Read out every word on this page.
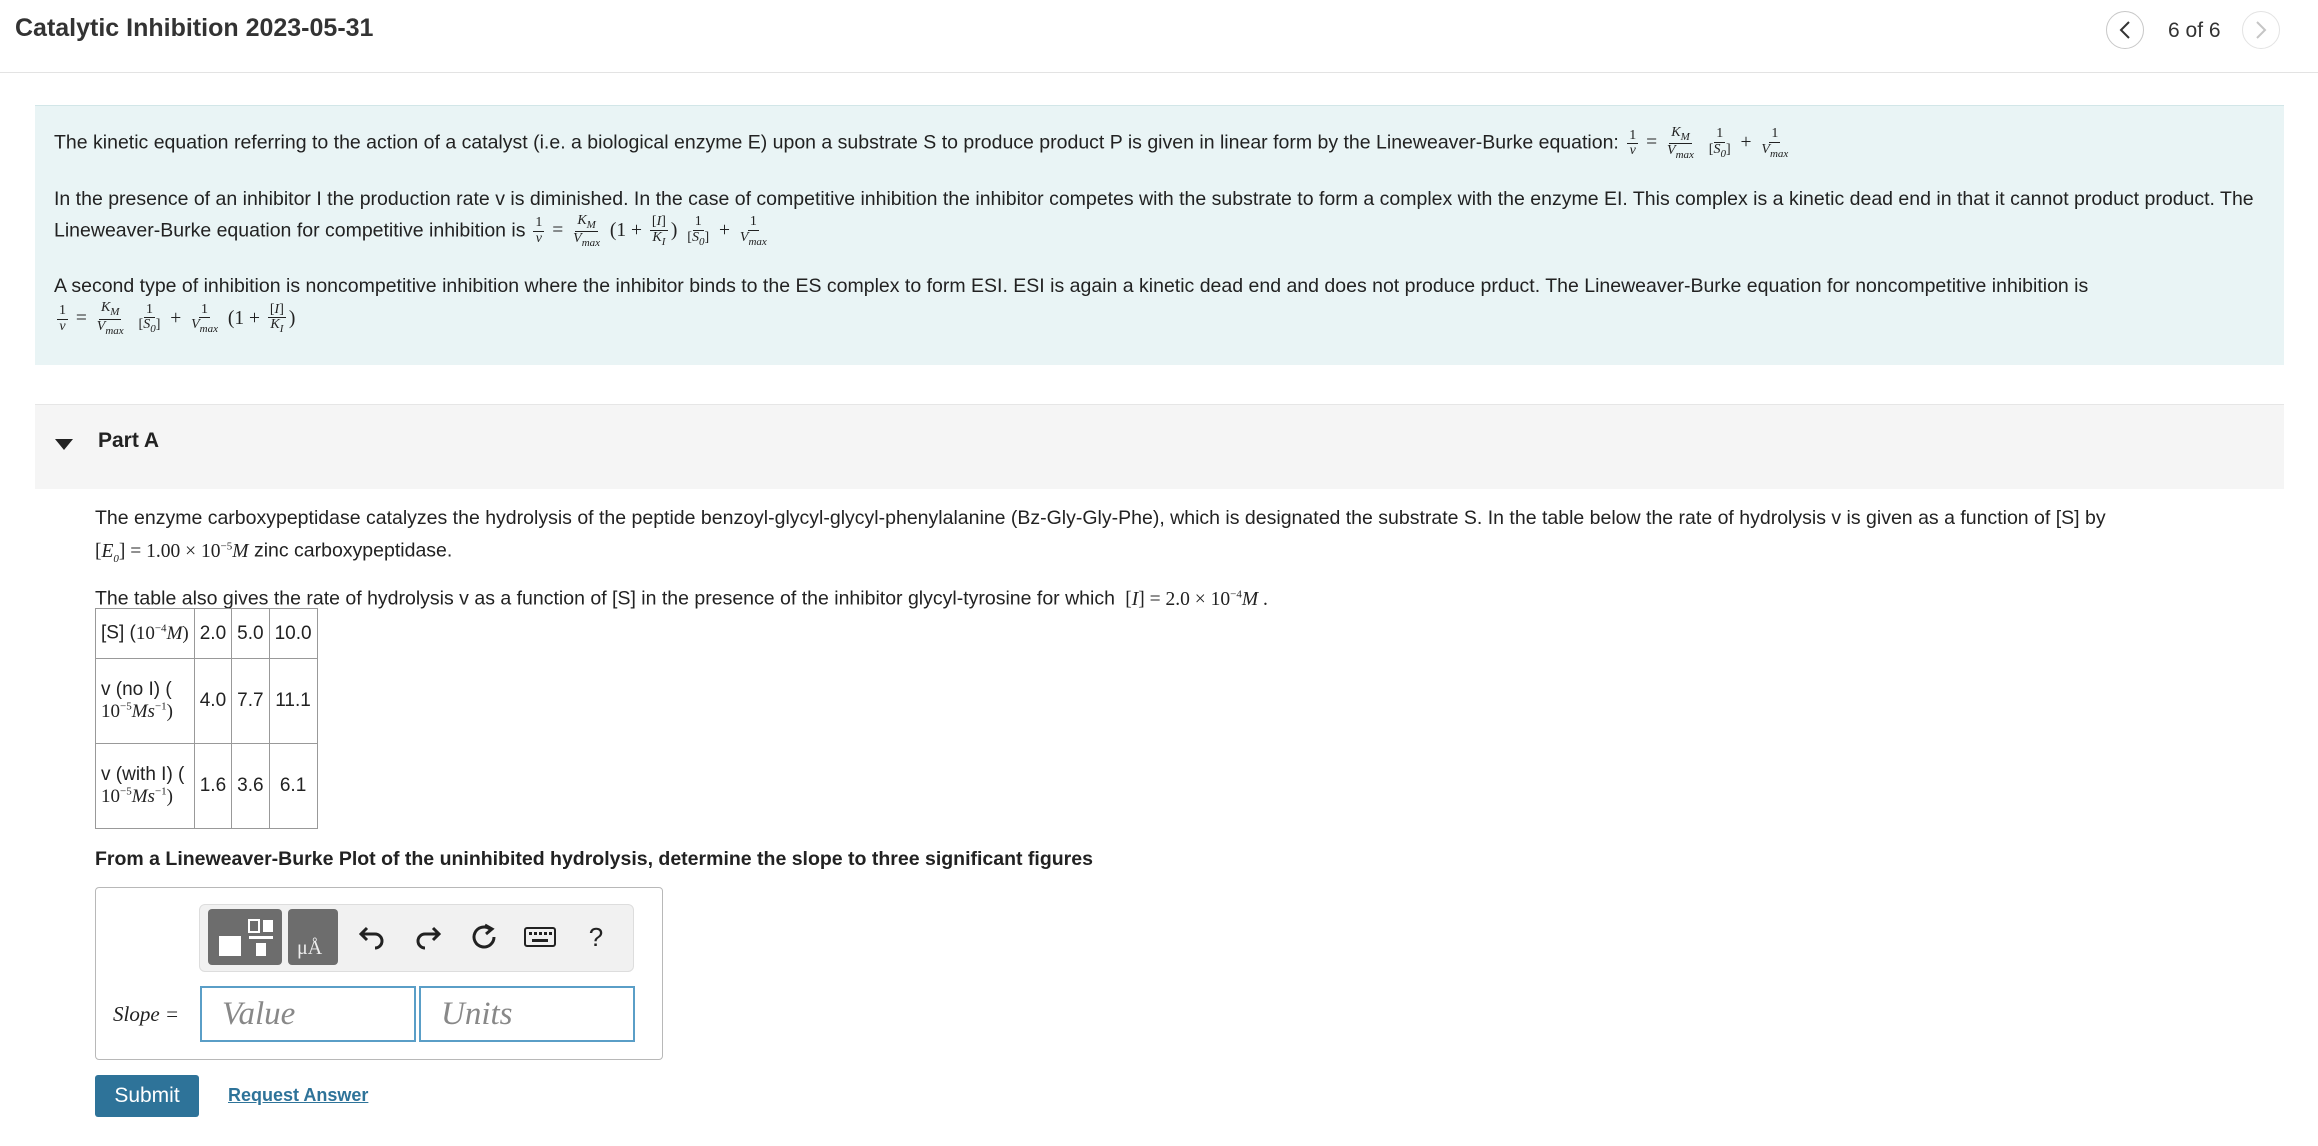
Catalytic Inhibition 2023-05-31	6 of 6

The kinetic equation referring to the action of a catalyst (i.e. a biological enzyme E) upon a substrate S to produce product P is given in linear form by the Lineweaver-Burke equation: $\frac{1}{v} = \frac{K_M}{V_{max}}$
$\frac{1}{[S_0]} + \frac{1}{V_{max}}$

In the presence of an inhibitor I the production rate v is diminished. In the case of competitive inhibition the inhibitor competes with the substrate to form a complex with the enzyme EI. This complex is a kinetic dead end in that it cannot product product. The
Lineweaver-Burke equation for competitive inhibition is $\frac{1}{v} = \frac{K_M}{V_{max}} (1 + \frac{[I]}{K_I}$ ) $\frac{1}{[S_0]} + \frac{1}{V_{max}}$

A second type of inhibition is noncompetitive inhibition where the inhibitor binds to the ES complex to form ESI. ESI is again a kinetic dead end and does not produce prduct. The Lineweaver-Burke equation for noncompetitive inhibition is

$\frac{1}{v} = \frac{K_M}{V_{max}}$
$\frac{1}{[S_0]} + \frac{1}{V_{max}} (1 + \frac{[I]}{K_I}$ )

Part A
The enzyme carboxypeptidase catalyzes the hydrolysis of the peptide benzoyl-glycyl-glycyl-phenylalanine (Bz-Gly-Gly-Phe), which is designated the substrate S. In the table below the rate of hydrolysis v is given as a function of [S] by
$[E_0] = 1.00 \times 10^{-5}M$ zinc carboxypeptidase.
The table also gives the rate of hydrolysis v as a function of [S] in the presence of the inhibitor glycyl-tyrosine for which  $[I] = 2.0 \times 10^{-4}M$ .
[S] $(10^{-4}M)$	2.0	5.0	10.0
v (no I) (
$10^{-5}Ms^{-1}$)	4.0	7.7	11.1
v (with I) (
$10^{-5}Ms^{-1}$)	1.6	3.6	6.1
From a Lineweaver-Burke Plot of the uninhibited hydrolysis, determine the slope to three significant figures
μÅ	?
Slope =
Value
Units
Submit	Request Answer
